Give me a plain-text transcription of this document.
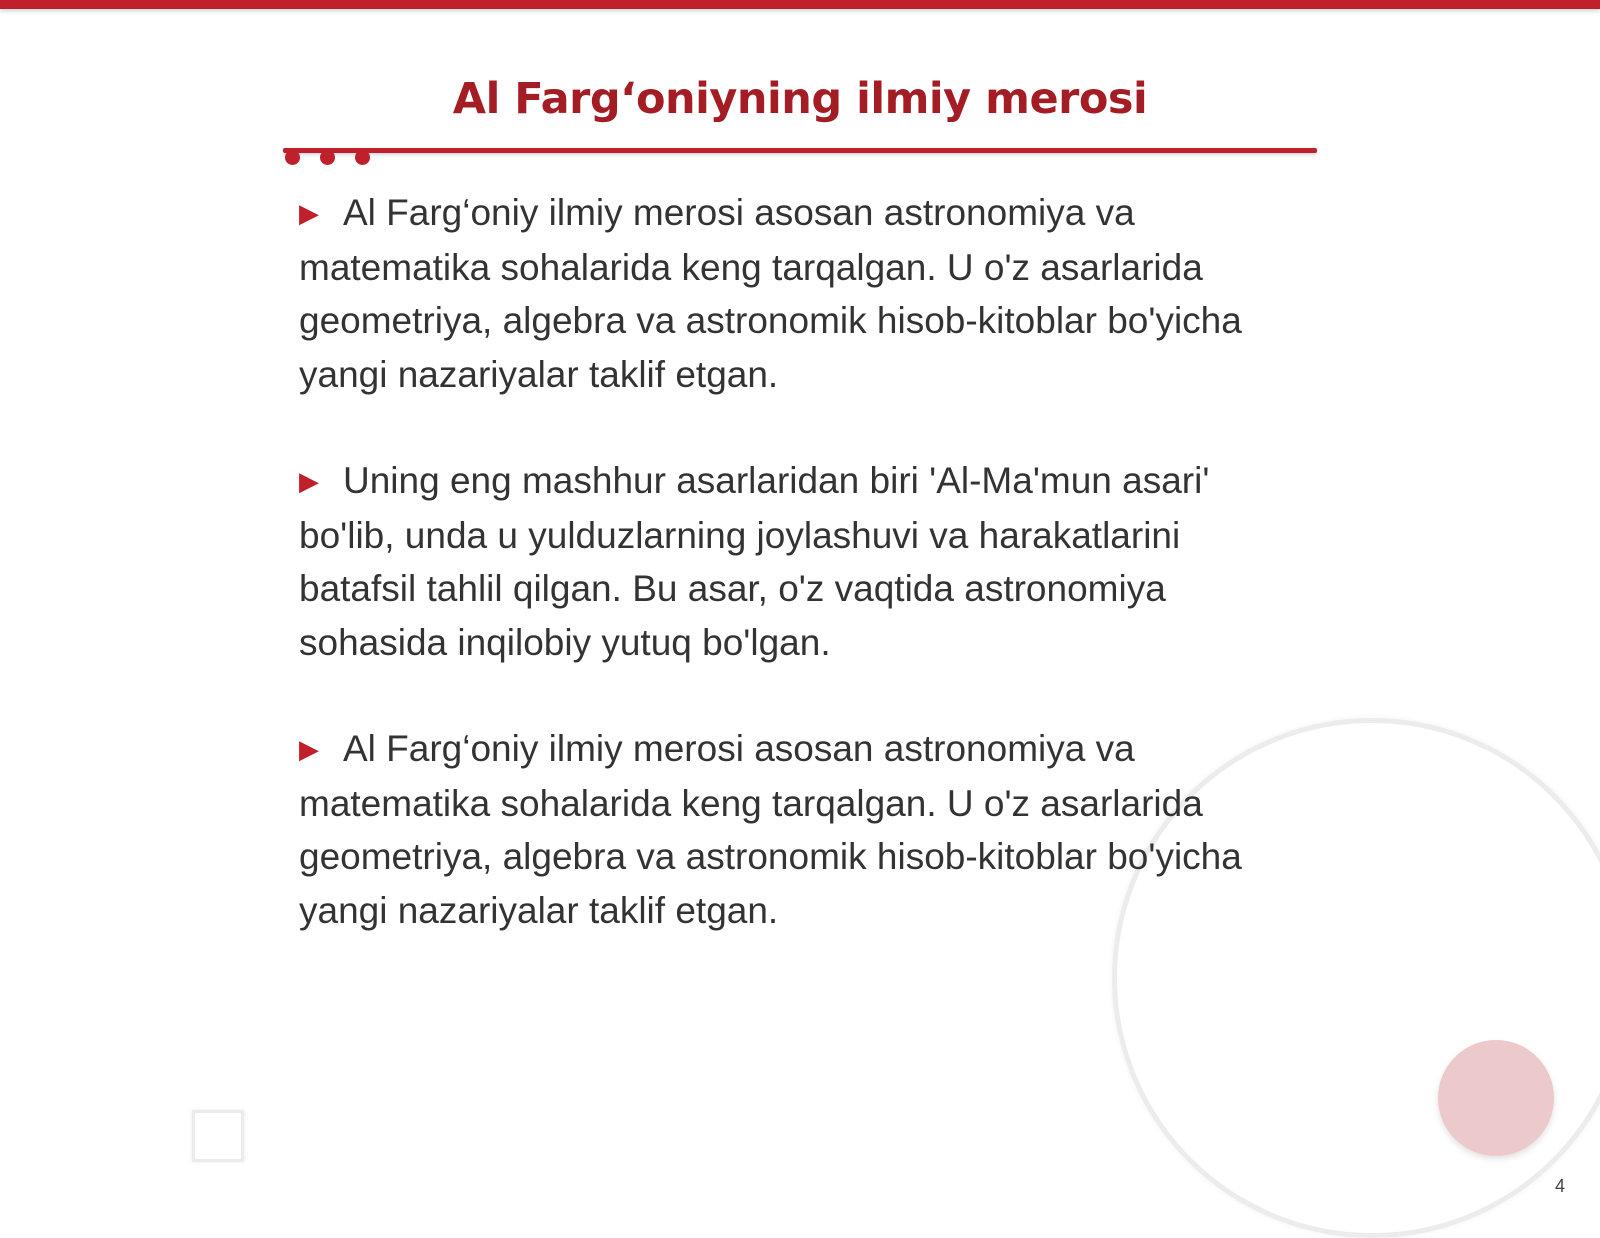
Al Farg‘oniyning ilmiy merosi

▶ Al Farg‘oniy ilmiy merosi asosan astronomiya va matematika sohalarida keng tarqalgan. U o'z asarlarida geometriya, algebra va astronomik hisob-kitoblar bo'yicha yangi nazariyalar taklif etgan.

▶ Uning eng mashhur asarlaridan biri 'Al-Ma'mun asari' bo'lib, unda u yulduzlarning joylashuvi va harakatlarini batafsil tahlil qilgan. Bu asar, o'z vaqtida astronomiya sohasida inqilobiy yutuq bo'lgan.

▶ Al Farg‘oniy ilmiy merosi asosan astronomiya va matematika sohalarida keng tarqalgan. U o'z asarlarida geometriya, algebra va astronomik hisob-kitoblar bo'yicha yangi nazariyalar taklif etgan.

4
